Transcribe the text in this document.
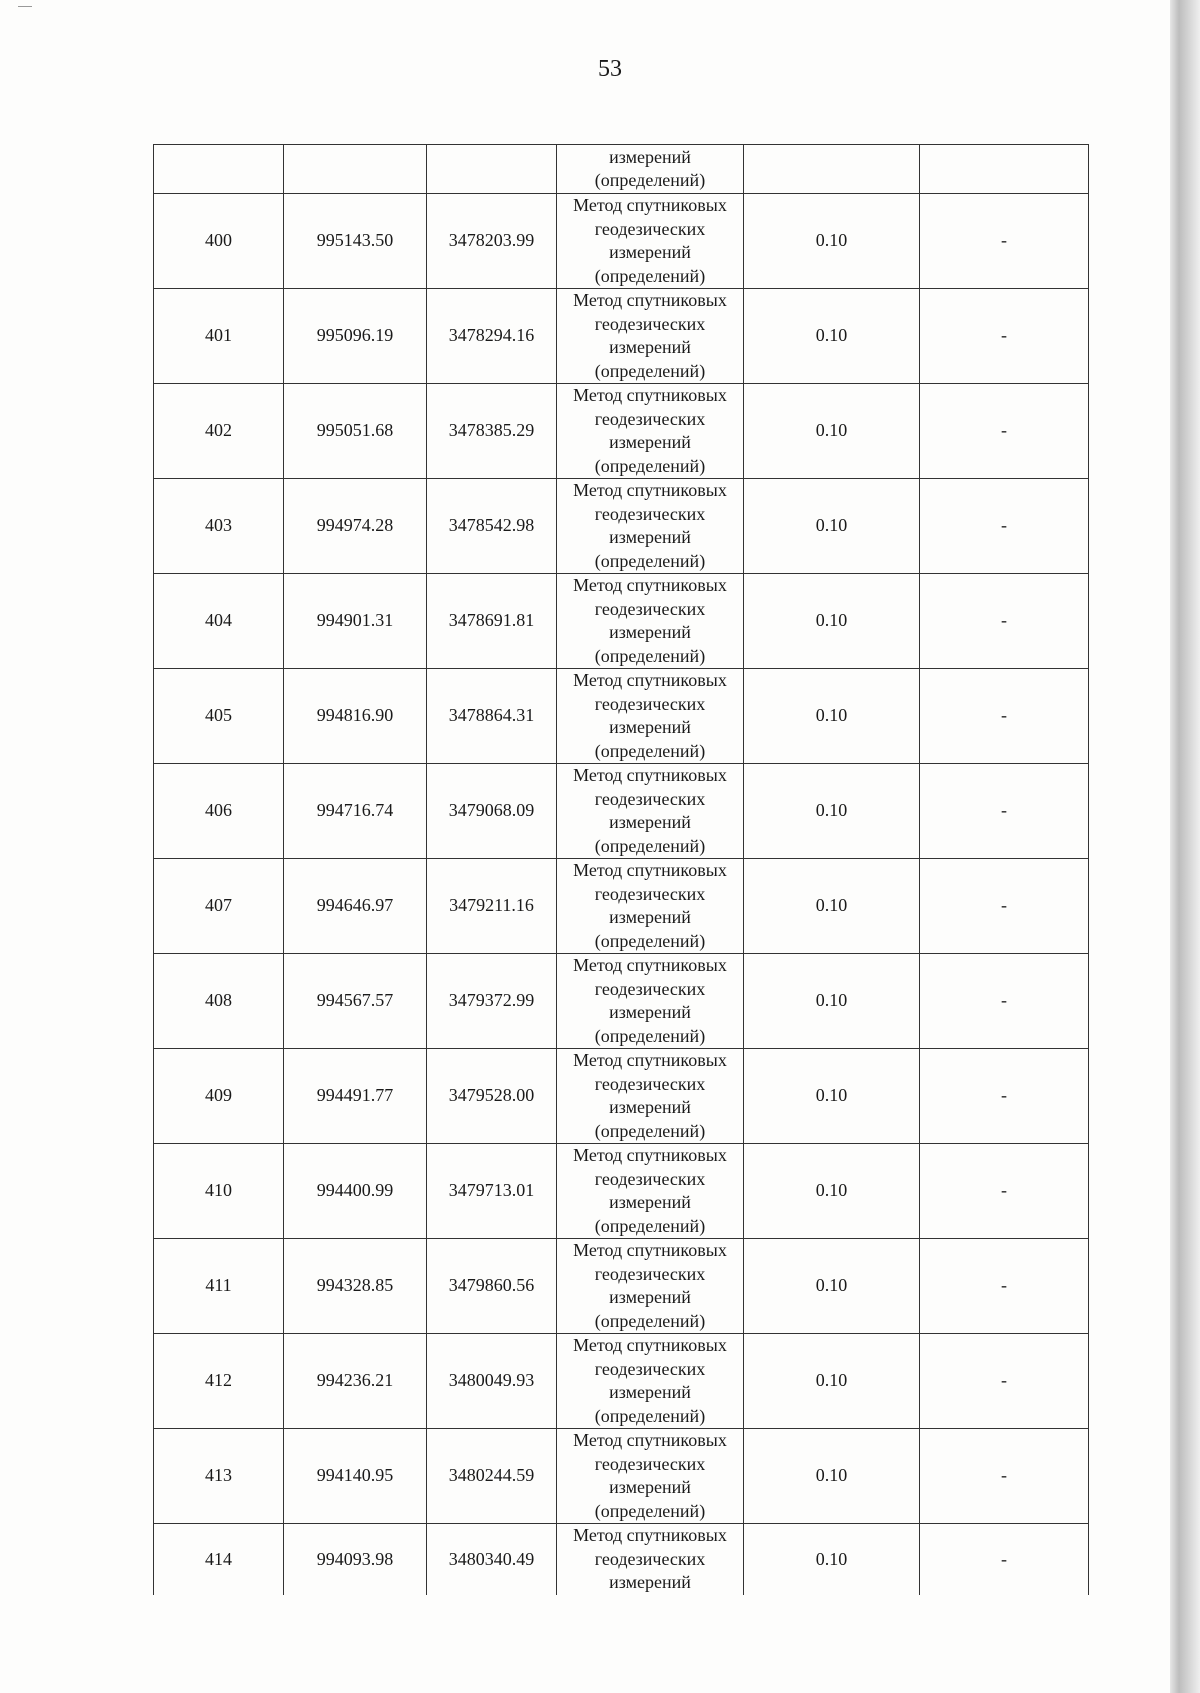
53

			измерений
(определений)		

400	995143.50	3478203.99	Метод спутниковых
геодезических
измерений
(определений)	0.10	-
401	995096.19	3478294.16	Метод спутниковых
геодезических
измерений
(определений)	0.10	-
402	995051.68	3478385.29	Метод спутниковых
геодезических
измерений
(определений)	0.10	-
403	994974.28	3478542.98	Метод спутниковых
геодезических
измерений
(определений)	0.10	-
404	994901.31	3478691.81	Метод спутниковых
геодезических
измерений
(определений)	0.10	-
405	994816.90	3478864.31	Метод спутниковых
геодезических
измерений
(определений)	0.10	-
406	994716.74	3479068.09	Метод спутниковых
геодезических
измерений
(определений)	0.10	-
407	994646.97	3479211.16	Метод спутниковых
геодезических
измерений
(определений)	0.10	-
408	994567.57	3479372.99	Метод спутниковых
геодезических
измерений
(определений)	0.10	-
409	994491.77	3479528.00	Метод спутниковых
геодезических
измерений
(определений)	0.10	-
410	994400.99	3479713.01	Метод спутниковых
геодезических
измерений
(определений)	0.10	-
411	994328.85	3479860.56	Метод спутниковых
геодезических
измерений
(определений)	0.10	-
412	994236.21	3480049.93	Метод спутниковых
геодезических
измерений
(определений)	0.10	-
413	994140.95	3480244.59	Метод спутниковых
геодезических
измерений
(определений)	0.10	-
414	994093.98	3480340.49	Метод спутниковых
геодезических
измерений	0.10	-
